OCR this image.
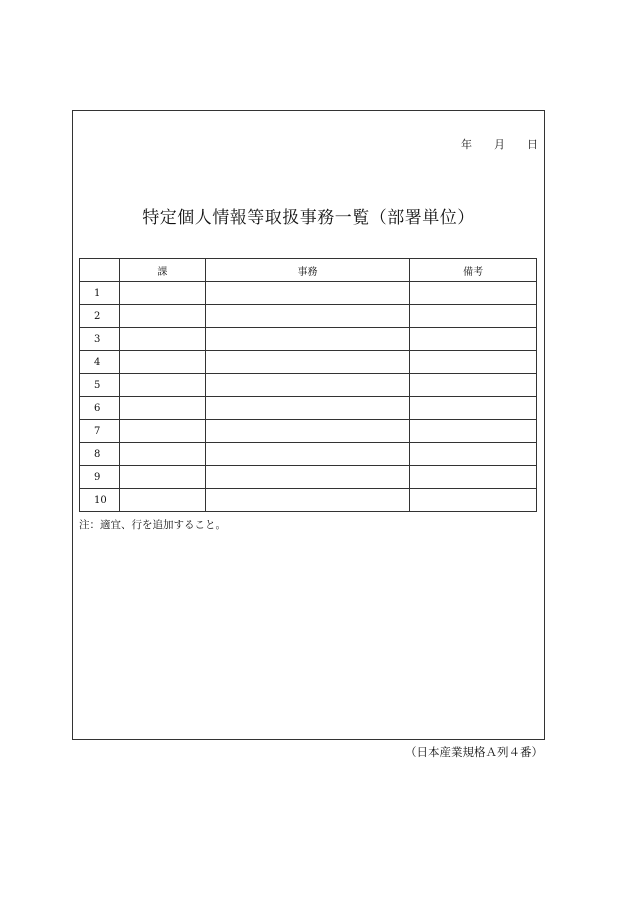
年 月 日
特定個人情報等取扱事務一覧（部署単位）
	課	事務	備考
1			
2			
3			
4			
5			
6			
7			
8			
9			
10			
注：適宜、行を追加すること。
（日本産業規格Ａ列４番）
